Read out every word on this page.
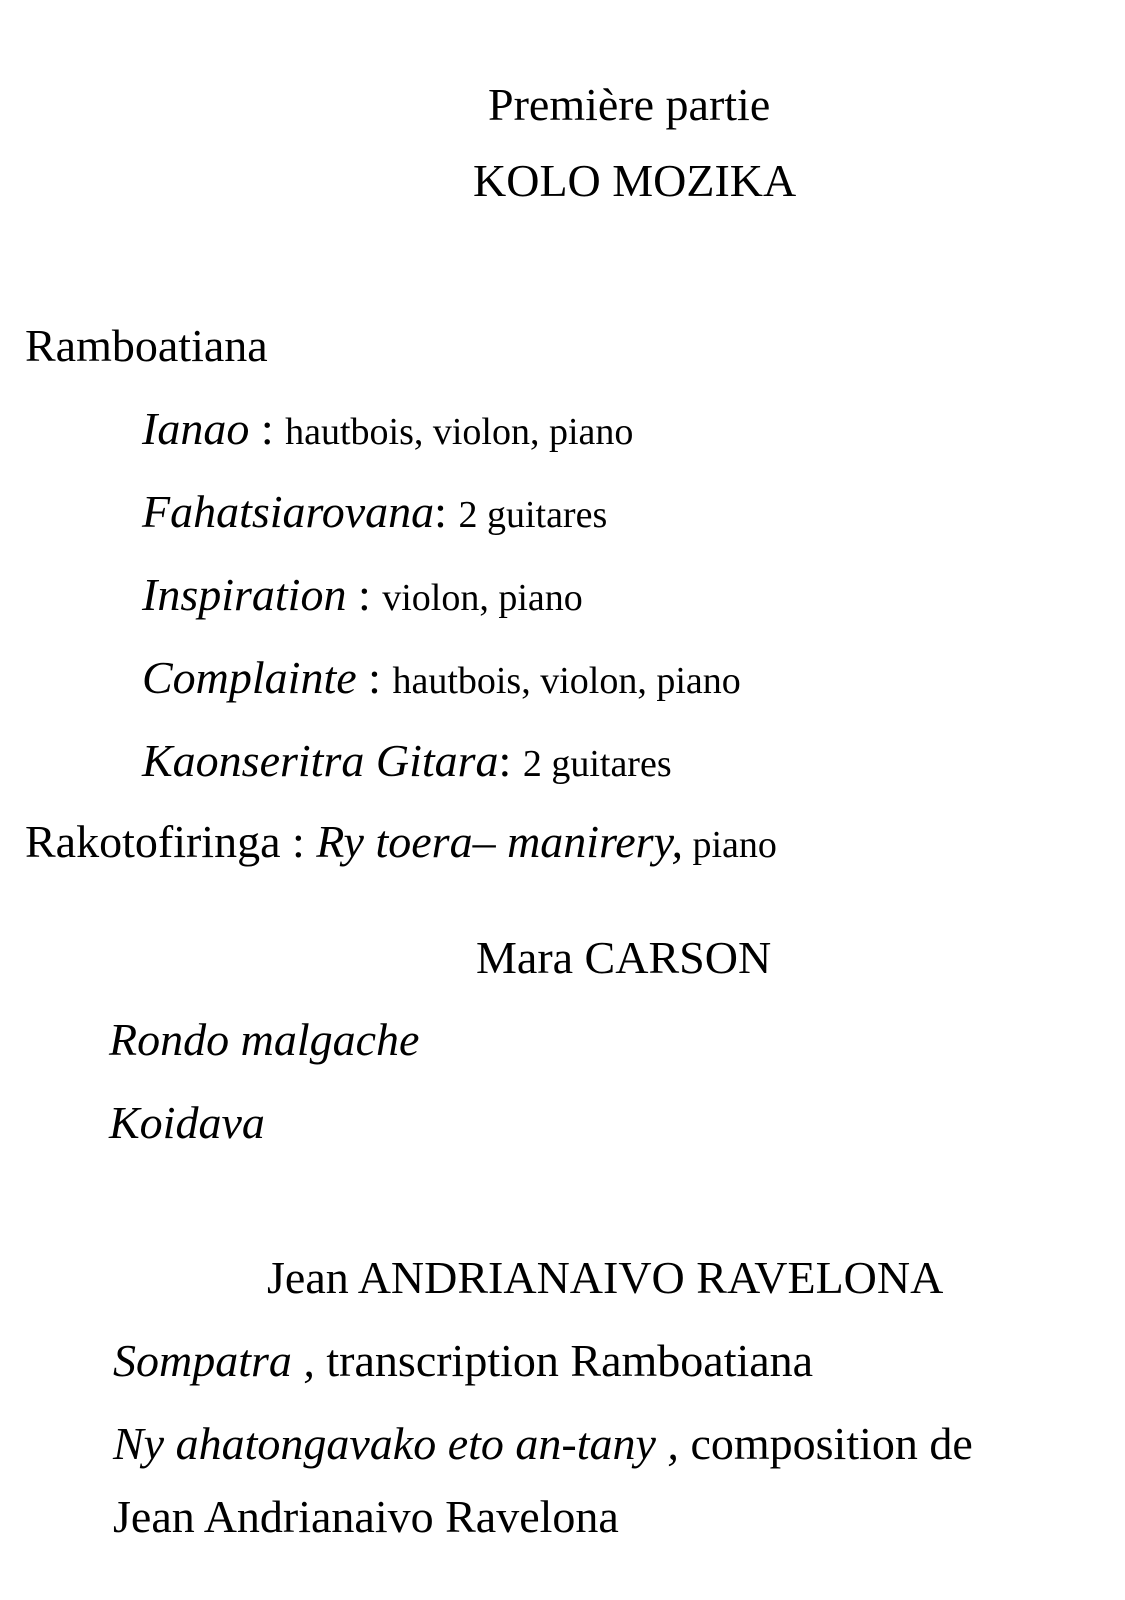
Première partie
KOLO MOZIKA
Ramboatiana
Ianao : hautbois, violon, piano
Fahatsiarovana: 2 guitares
Inspiration : violon, piano
Complainte : hautbois, violon, piano
Kaonseritra Gitara: 2 guitares
Rakotofiringa : Ry toera– manirery, piano
Mara CARSON
Rondo malgache
Koidava
Jean ANDRIANAIVO RAVELONA
Sompatra , transcription Ramboatiana
Ny ahatongavako eto an-tany , composition de
Jean Andrianaivo Ravelona
